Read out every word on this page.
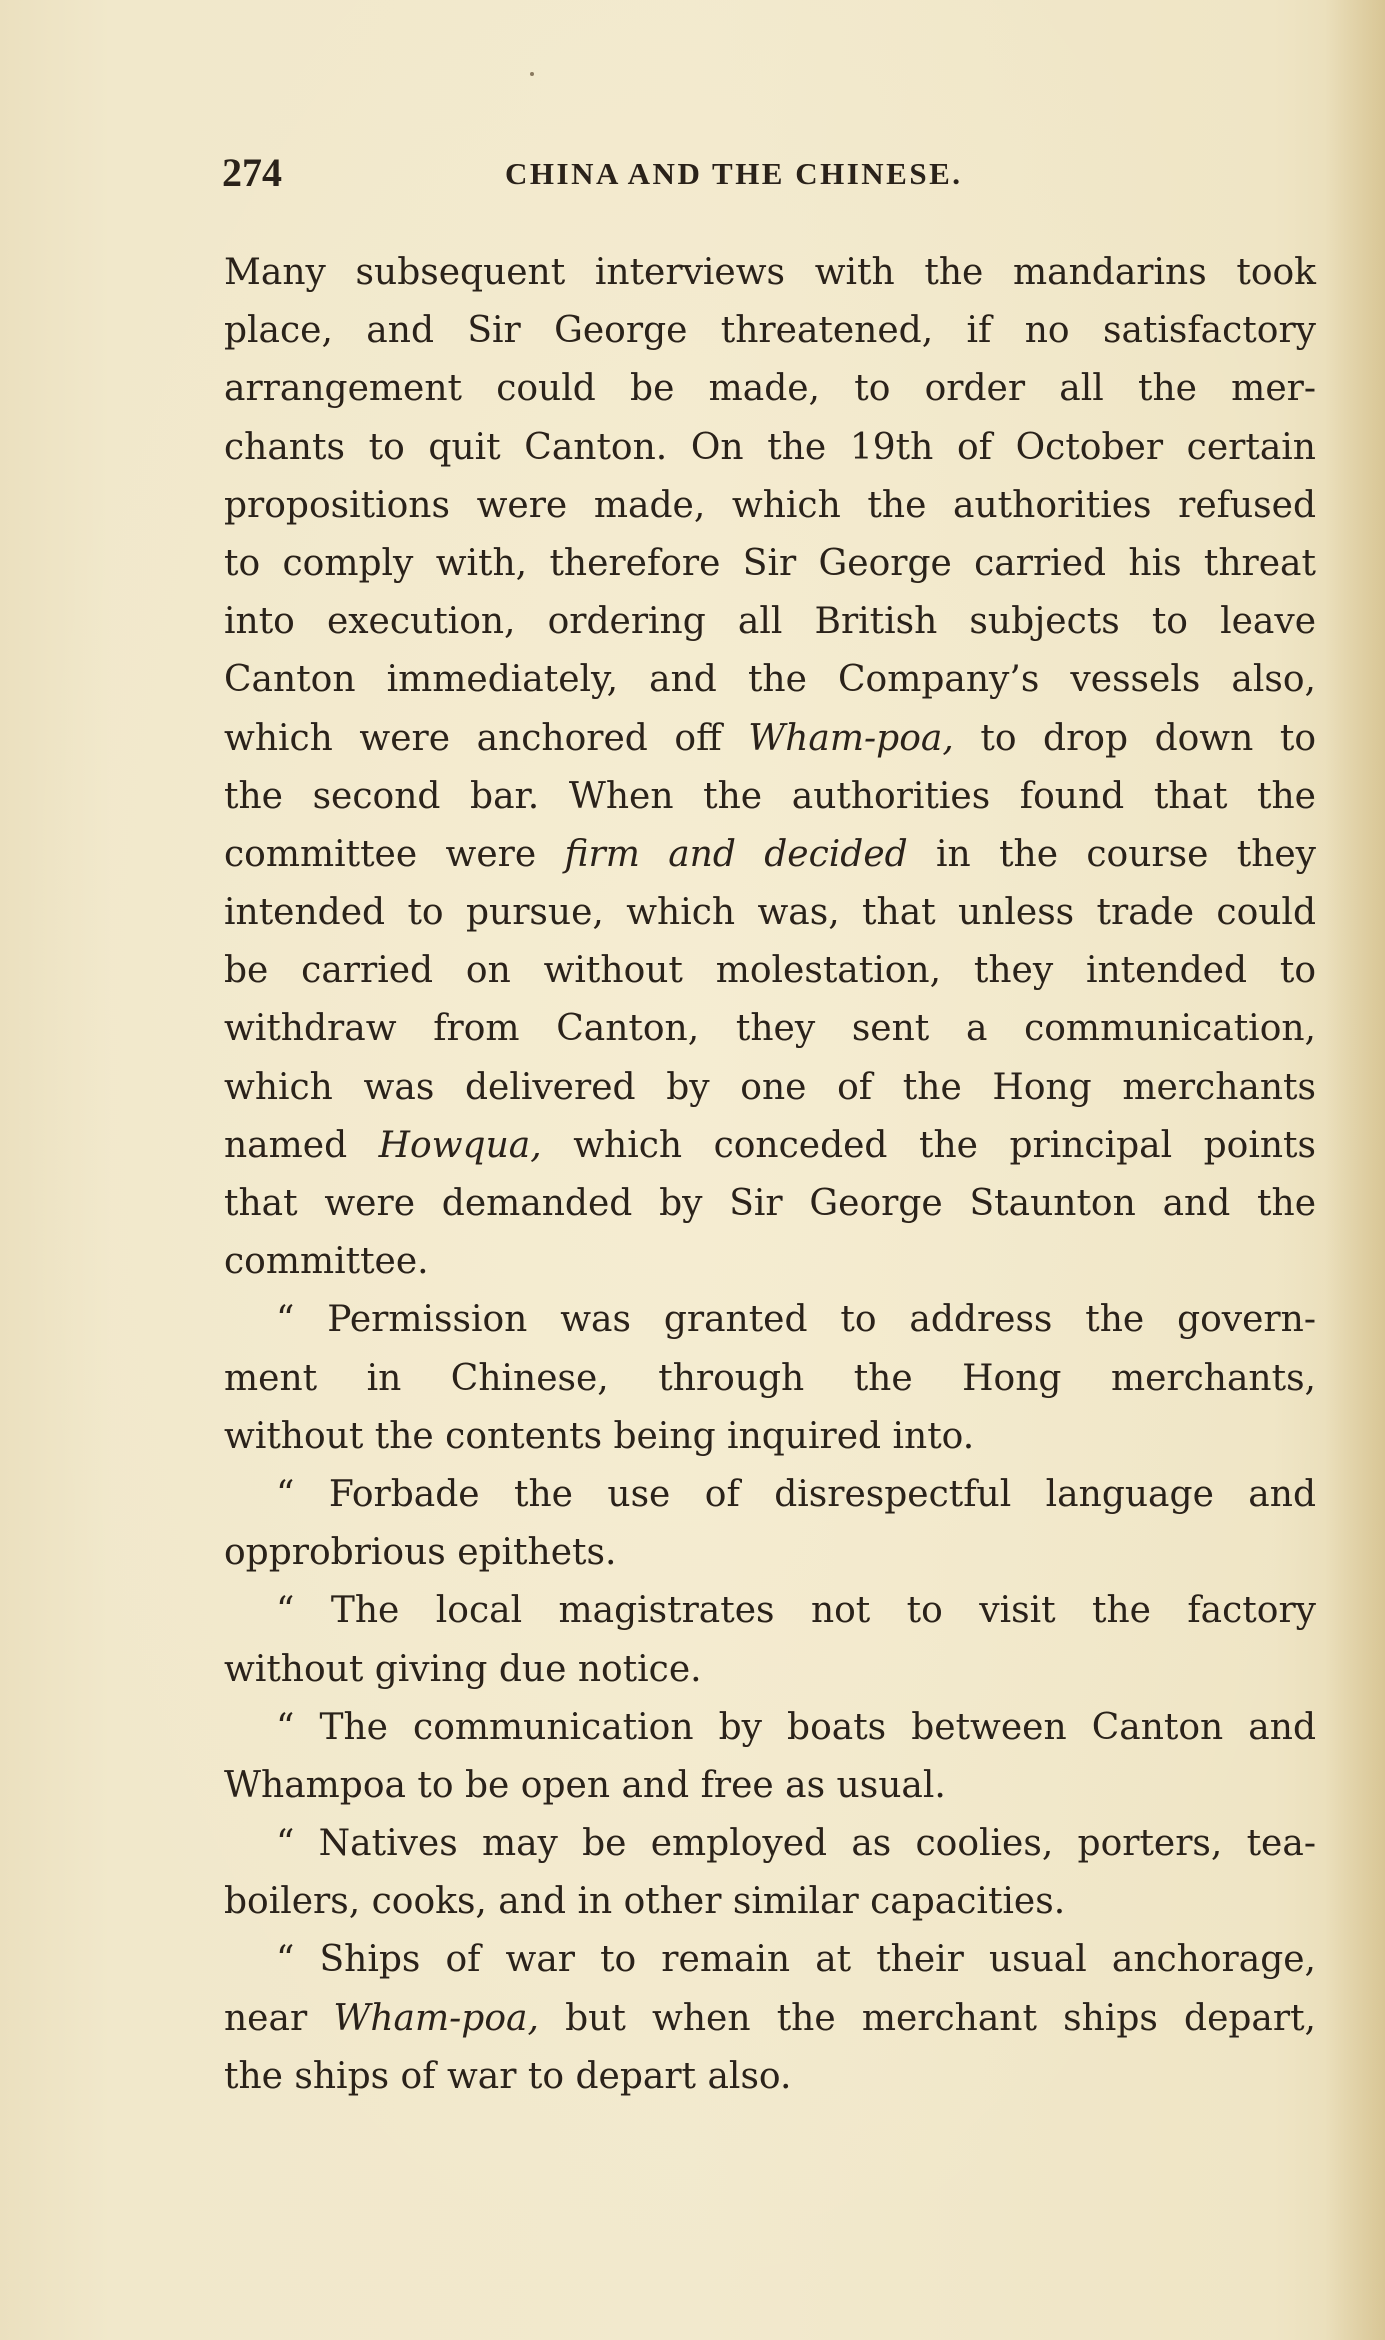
274	CHINA AND THE CHINESE.
Many subsequent interviews with the mandarins took
place, and Sir George threatened, if no satisfactory
arrangement could be made, to order all the mer-
chants to quit Canton. On the 19th of October certain
propositions were made, which the authorities refused
to comply with, therefore Sir George carried his threat
into execution, ordering all British subjects to leave
Canton immediately, and the Company’s vessels also,
which were anchored off Wham-poa, to drop down to
the second bar. When the authorities found that the
committee were firm and decided in the course they
intended to pursue, which was, that unless trade could
be carried on without molestation, they intended to
withdraw from Canton, they sent a communication,
which was delivered by one of the Hong merchants
named Howqua, which conceded the principal points
that were demanded by Sir George Staunton and the
committee.
“ Permission was granted to address the govern-
ment in Chinese, through the Hong merchants,
without the contents being inquired into.
“ Forbade the use of disrespectful language and
opprobrious epithets.
“ The local magistrates not to visit the factory
without giving due notice.
“ The communication by boats between Canton and
Whampoa to be open and free as usual.
“ Natives may be employed as coolies, porters, tea-
boilers, cooks, and in other similar capacities.
“ Ships of war to remain at their usual anchorage,
near Wham-poa, but when the merchant ships depart,
the ships of war to depart also.
